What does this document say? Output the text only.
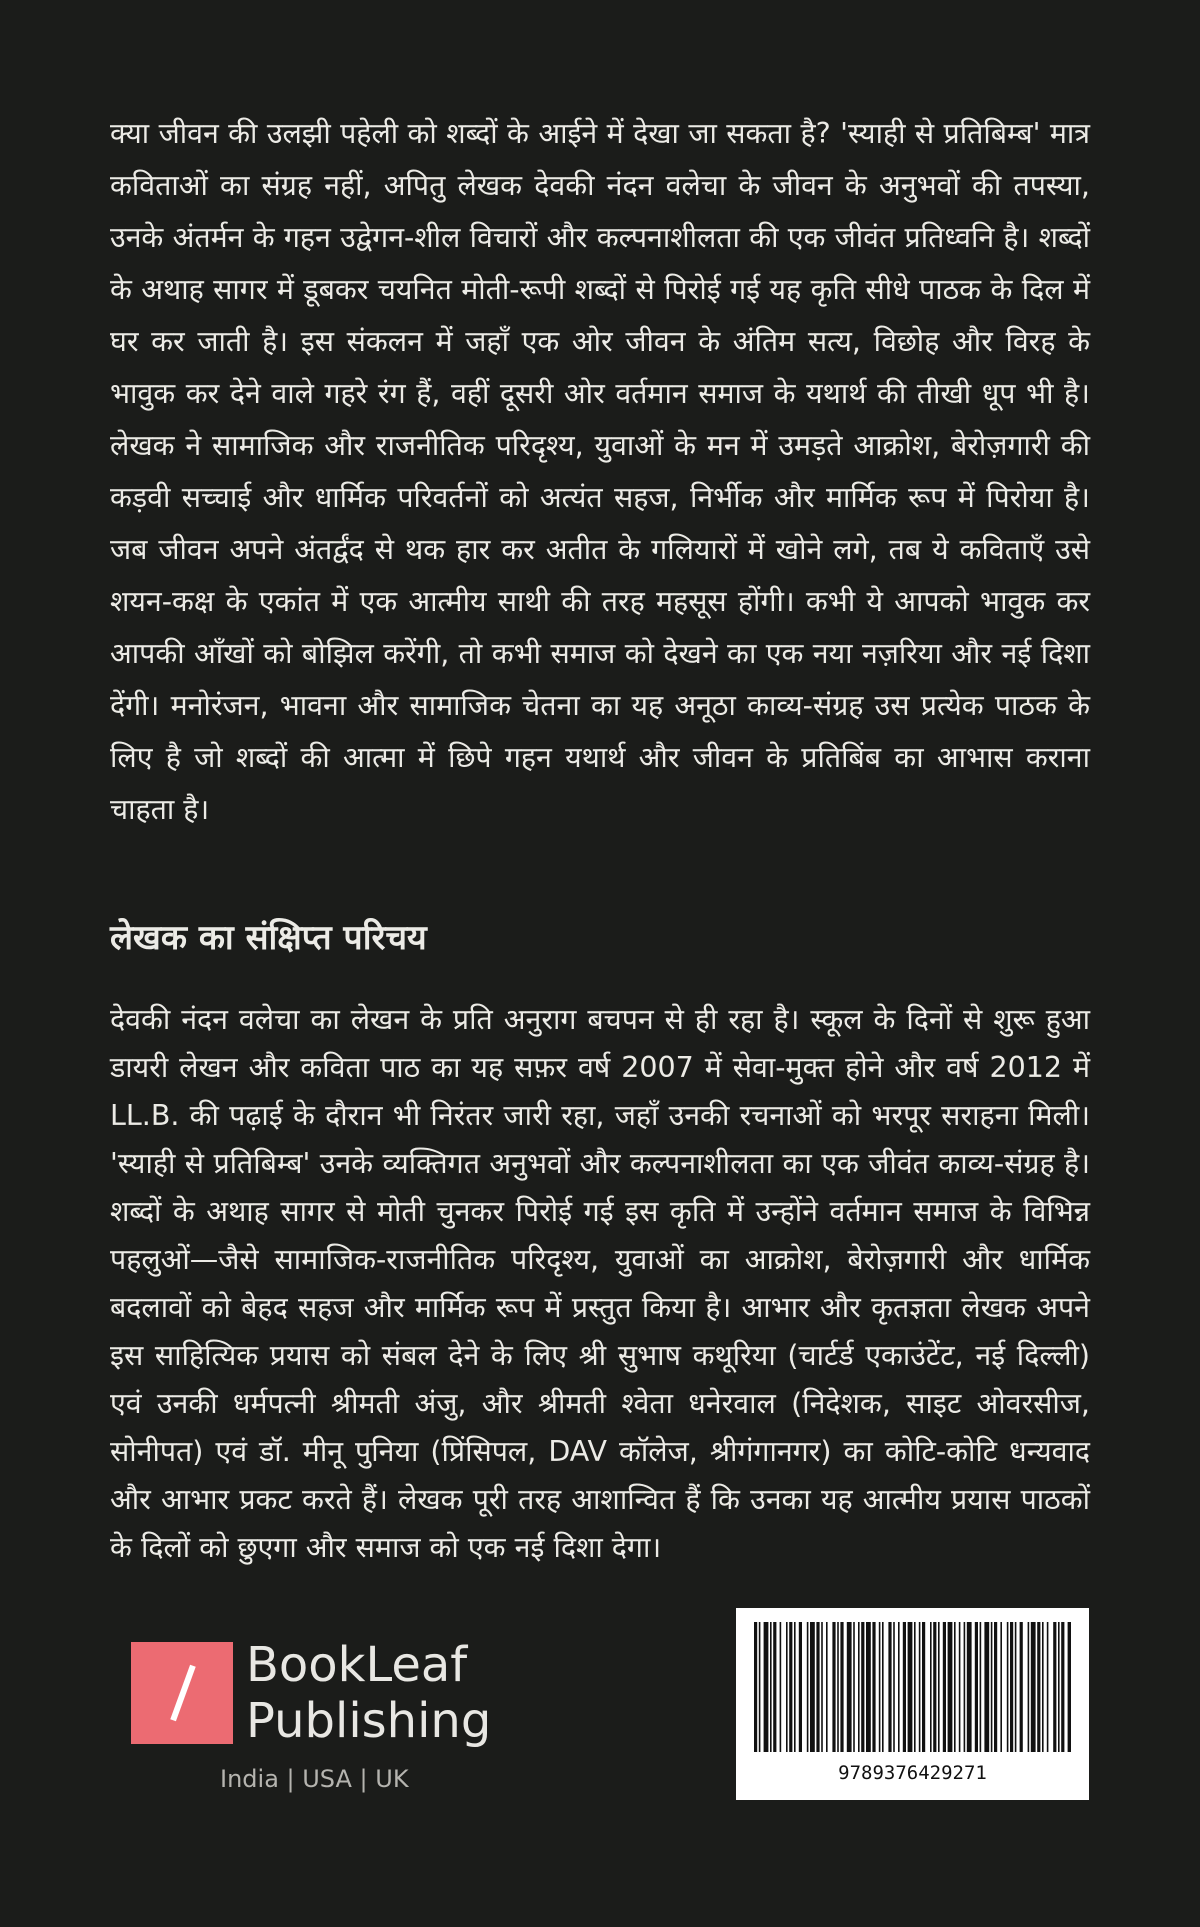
क्या जीवन की उलझी पहेली को शब्दों के आईने में देखा जा सकता है? 'स्याही से प्रतिबिम्ब' मात्र कविताओं का संग्रह नहीं, अपितु लेखक देवकी नंदन वलेचा के जीवन के अनुभवों की तपस्या, उनके अंतर्मन के गहन उद्वेगन-शील विचारों और कल्पनाशीलता की एक जीवंत प्रतिध्वनि है। शब्दों के अथाह सागर में डूबकर चयनित मोती-रूपी शब्दों से पिरोई गई यह कृति सीधे पाठक के दिल में घर कर जाती है। इस संकलन में जहाँ एक ओर जीवन के अंतिम सत्य, विछोह और विरह के भावुक कर देने वाले गहरे रंग हैं, वहीं दूसरी ओर वर्तमान समाज के यथार्थ की तीखी धूप भी है। लेखक ने सामाजिक और राजनीतिक परिदृश्य, युवाओं के मन में उमड़ते आक्रोश, बेरोज़गारी की कड़वी सच्चाई और धार्मिक परिवर्तनों को अत्यंत सहज, निर्भीक और मार्मिक रूप में पिरोया है। जब जीवन अपने अंतर्द्वंद से थक हार कर अतीत के गलियारों में खोने लगे, तब ये कविताएँ उसे शयन-कक्ष के एकांत में एक आत्मीय साथी की तरह महसूस होंगी। कभी ये आपको भावुक कर आपकी आँखों को बोझिल करेंगी, तो कभी समाज को देखने का एक नया नज़रिया और नई दिशा देंगी। मनोरंजन, भावना और सामाजिक चेतना का यह अनूठा काव्य-संग्रह उस प्रत्येक पाठक के लिए है जो शब्दों की आत्मा में छिपे गहन यथार्थ और जीवन के प्रतिबिंब का आभास कराना चाहता है।

लेखक का संक्षिप्त परिचय

देवकी नंदन वलेचा का लेखन के प्रति अनुराग बचपन से ही रहा है। स्कूल के दिनों से शुरू हुआ डायरी लेखन और कविता पाठ का यह सफ़र वर्ष 2007 में सेवा-मुक्त होने और वर्ष 2012 में LL.B. की पढ़ाई के दौरान भी निरंतर जारी रहा, जहाँ उनकी रचनाओं को भरपूर सराहना मिली। 'स्याही से प्रतिबिम्ब' उनके व्यक्तिगत अनुभवों और कल्पनाशीलता का एक जीवंत काव्य-संग्रह है। शब्दों के अथाह सागर से मोती चुनकर पिरोई गई इस कृति में उन्होंने वर्तमान समाज के विभिन्न पहलुओं—जैसे सामाजिक-राजनीतिक परिदृश्य, युवाओं का आक्रोश, बेरोज़गारी और धार्मिक बदलावों को बेहद सहज और मार्मिक रूप में प्रस्तुत किया है। आभार और कृतज्ञता लेखक अपने इस साहित्यिक प्रयास को संबल देने के लिए श्री सुभाष कथूरिया (चार्टर्ड एकाउंटेंट, नई दिल्ली) एवं उनकी धर्मपत्नी श्रीमती अंजु, और श्रीमती श्वेता धनेरवाल (निदेशक, साइट ओवरसीज, सोनीपत) एवं डॉ. मीनू पुनिया (प्रिंसिपल, DAV कॉलेज, श्रीगंगानगर) का कोटि-कोटि धन्यवाद और आभार प्रकट करते हैं। लेखक पूरी तरह आशान्वित हैं कि उनका यह आत्मीय प्रयास पाठकों के दिलों को छुएगा और समाज को एक नई दिशा देगा।

BookLeaf
Publishing
India | USA | UK	9789376429271
